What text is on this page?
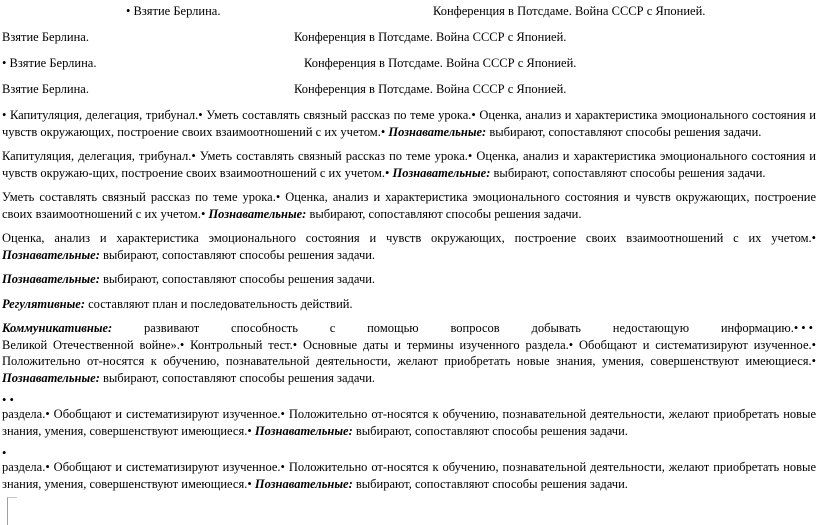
• Взятие Берлина.	Конференция в Потсдаме. Война СССР с Японией.
Взятие Берлина.	Конференция в Потсдаме. Война СССР с Японией.
• Взятие Берлина.	Конференция в Потсдаме. Война СССР с Японией.
Взятие Берлина.	Конференция в Потсдаме. Война СССР с Японией.

• Капитуляция, делегация, трибунал.• Уметь составлять связный рассказ по теме урока.• Оценка, анализ и характеристика эмоционального состояния и чувств окружающих, построение своих взаимоотношений с их учетом.• Познавательные: выбирают, сопоставляют способы решения задачи.

Капитуляция, делегация, трибунал.• Уметь составлять связный рассказ по теме урока.• Оценка, анализ и характеристика эмоционального состояния и чувств окружаю-щих, построение своих взаимоотношений с их учетом.• Познавательные: выбирают, сопоставляют способы решения задачи.

Уметь составлять связный рассказ по теме урока.• Оценка, анализ и характеристика эмоционального состояния и чувств окружающих, построение своих взаимоотношений с их учетом.• Познавательные: выбирают, сопоставляют способы решения задачи.

Оценка, анализ и характеристика эмоционального состояния и чувств окружающих, построение своих взаимоотношений с их учетом.• Познавательные: выбирают, сопоставляют способы решения задачи.

Познавательные: выбирают, сопоставляют способы решения задачи.

Регулятивные: составляют план и последовательность действий.

Коммуникативные: развивают способность с помощью вопросов добывать недостающую информацию.•••

Великой Отечественной войне».• Контрольный тест.• Основные даты и термины изученного раздела.• Обобщают и систематизируют изученное.• Положительно от-носятся к обучению, познавательной деятельности, желают приобретать новые знания, умения, совершенствуют имеющиеся.• Познавательные: выбирают, сопоставляют способы решения задачи.

• •

раздела.• Обобщают и систематизируют изученное.• Положительно от-носятся к обучению, познавательной деятельности, желают приобретать новые знания, умения, совершенствуют имеющиеся.• Познавательные: выбирают, сопоставляют способы решения задачи.

•

раздела.• Обобщают и систематизируют изученное.• Положительно от-носятся к обучению, познавательной деятельности, желают приобретать новые знания, умения, совершенствуют имеющиеся.• Познавательные: выбирают, сопоставляют способы решения задачи.
